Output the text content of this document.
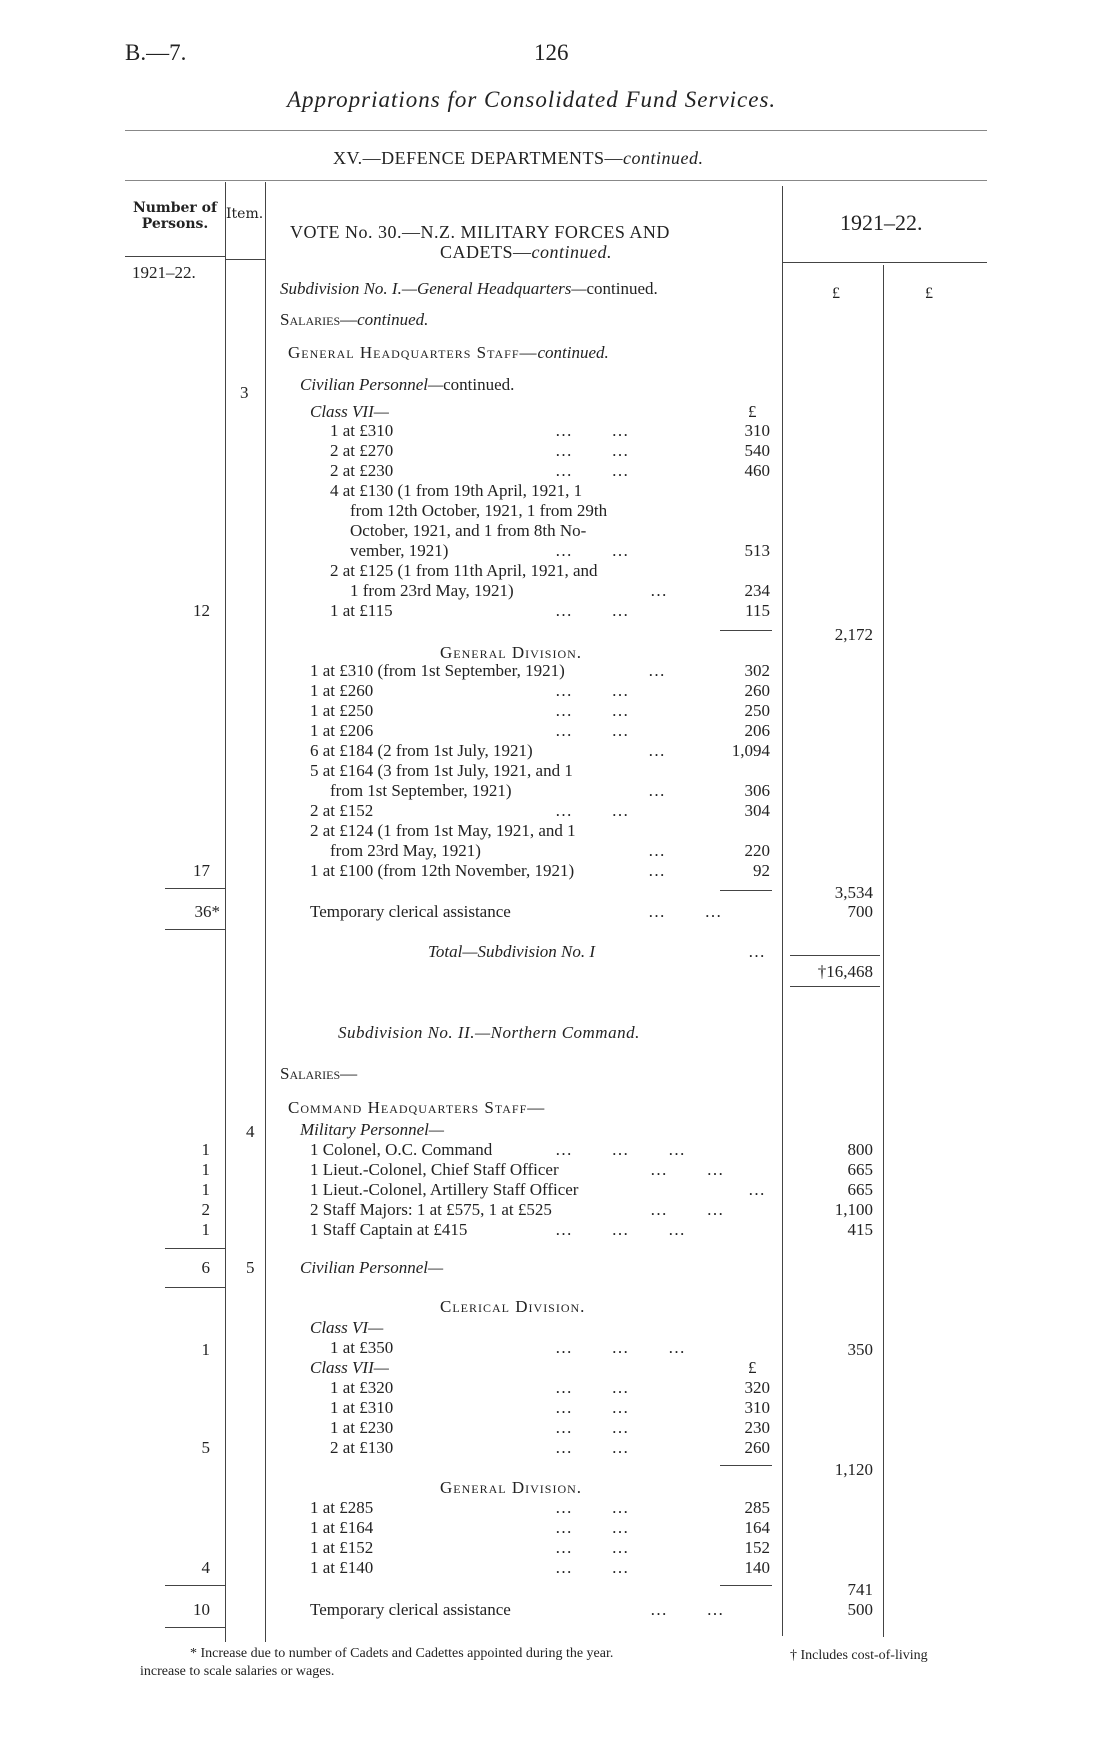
B.—7.	126
Appropriations for Consolidated Fund Services.
XV.—DEFENCE DEPARTMENTS—continued.
Number of Persons.
Item.
VOTE No. 30.—N.Z. MILITARY FORCES AND
CADETS—continued.
1921–22.
1921–22.
£	£
Subdivision No. I.—General Headquarters—continued.
Salaries—continued.
General Headquarters Staff—continued.
3	Civilian Personnel—continued.
Class VII—	£
1 at £310	…      …	310
2 at £270	…      …	540
2 at £230	…      …	460
4 at £130 (1 from 19th April, 1921, 1
from 12th October, 1921, 1 from 29th
October, 1921, and 1 from 8th No-
vember, 1921)	…      …	513
2 at £125 (1 from 11th April, 1921, and
1 from 23rd May, 1921)	…	234
12	1 at £115	…      …	115
2,172
General Division.
1 at £310 (from 1st September, 1921)	…	302
1 at £260	…      …	260
1 at £250	…      …	250
1 at £206	…      …	206
6 at £184 (2 from 1st July, 1921)	…	1,094
5 at £164 (3 from 1st July, 1921, and 1
from 1st September, 1921)	…	306
2 at £152	…      …	304
2 at £124 (1 from 1st May, 1921, and 1
from 23rd May, 1921)	…	220
17	1 at £100 (from 12th November, 1921)	…	92
3,534
36*	Temporary clerical assistance	…      …	700
Total—Subdivision No. I	…
†16,468
Subdivision No. II.—Northern Command.
Salaries—
Command Headquarters Staff—
4	Military Personnel—
1	1 Colonel, O.C. Command	…      …      …	800
1	1 Lieut.-Colonel, Chief Staff Officer	…      …	665
1	1 Lieut.-Colonel, Artillery Staff Officer	…	665
2	2 Staff Majors: 1 at £575, 1 at £525	…      …	1,100
1	1 Staff Captain at £415	…      …      …	415
6 5	Civilian Personnel—
Clerical Division.
Class VI—
1	1 at £350	…      …      …	350
Class VII—	£
1 at £320	…      …	320
1 at £310	…      …	310
1 at £230	…      …	230
5	2 at £130	…      …	260
1,120
General Division.
1 at £285	…      …	285
1 at £164	…      …	164
1 at £152	…      …	152
4	1 at £140	…      …	140
741
10	Temporary clerical assistance	…      …	500
* Increase due to number of Cadets and Cadettes appointed during the year.	† Includes cost-of-living
increase to scale salaries or wages.
